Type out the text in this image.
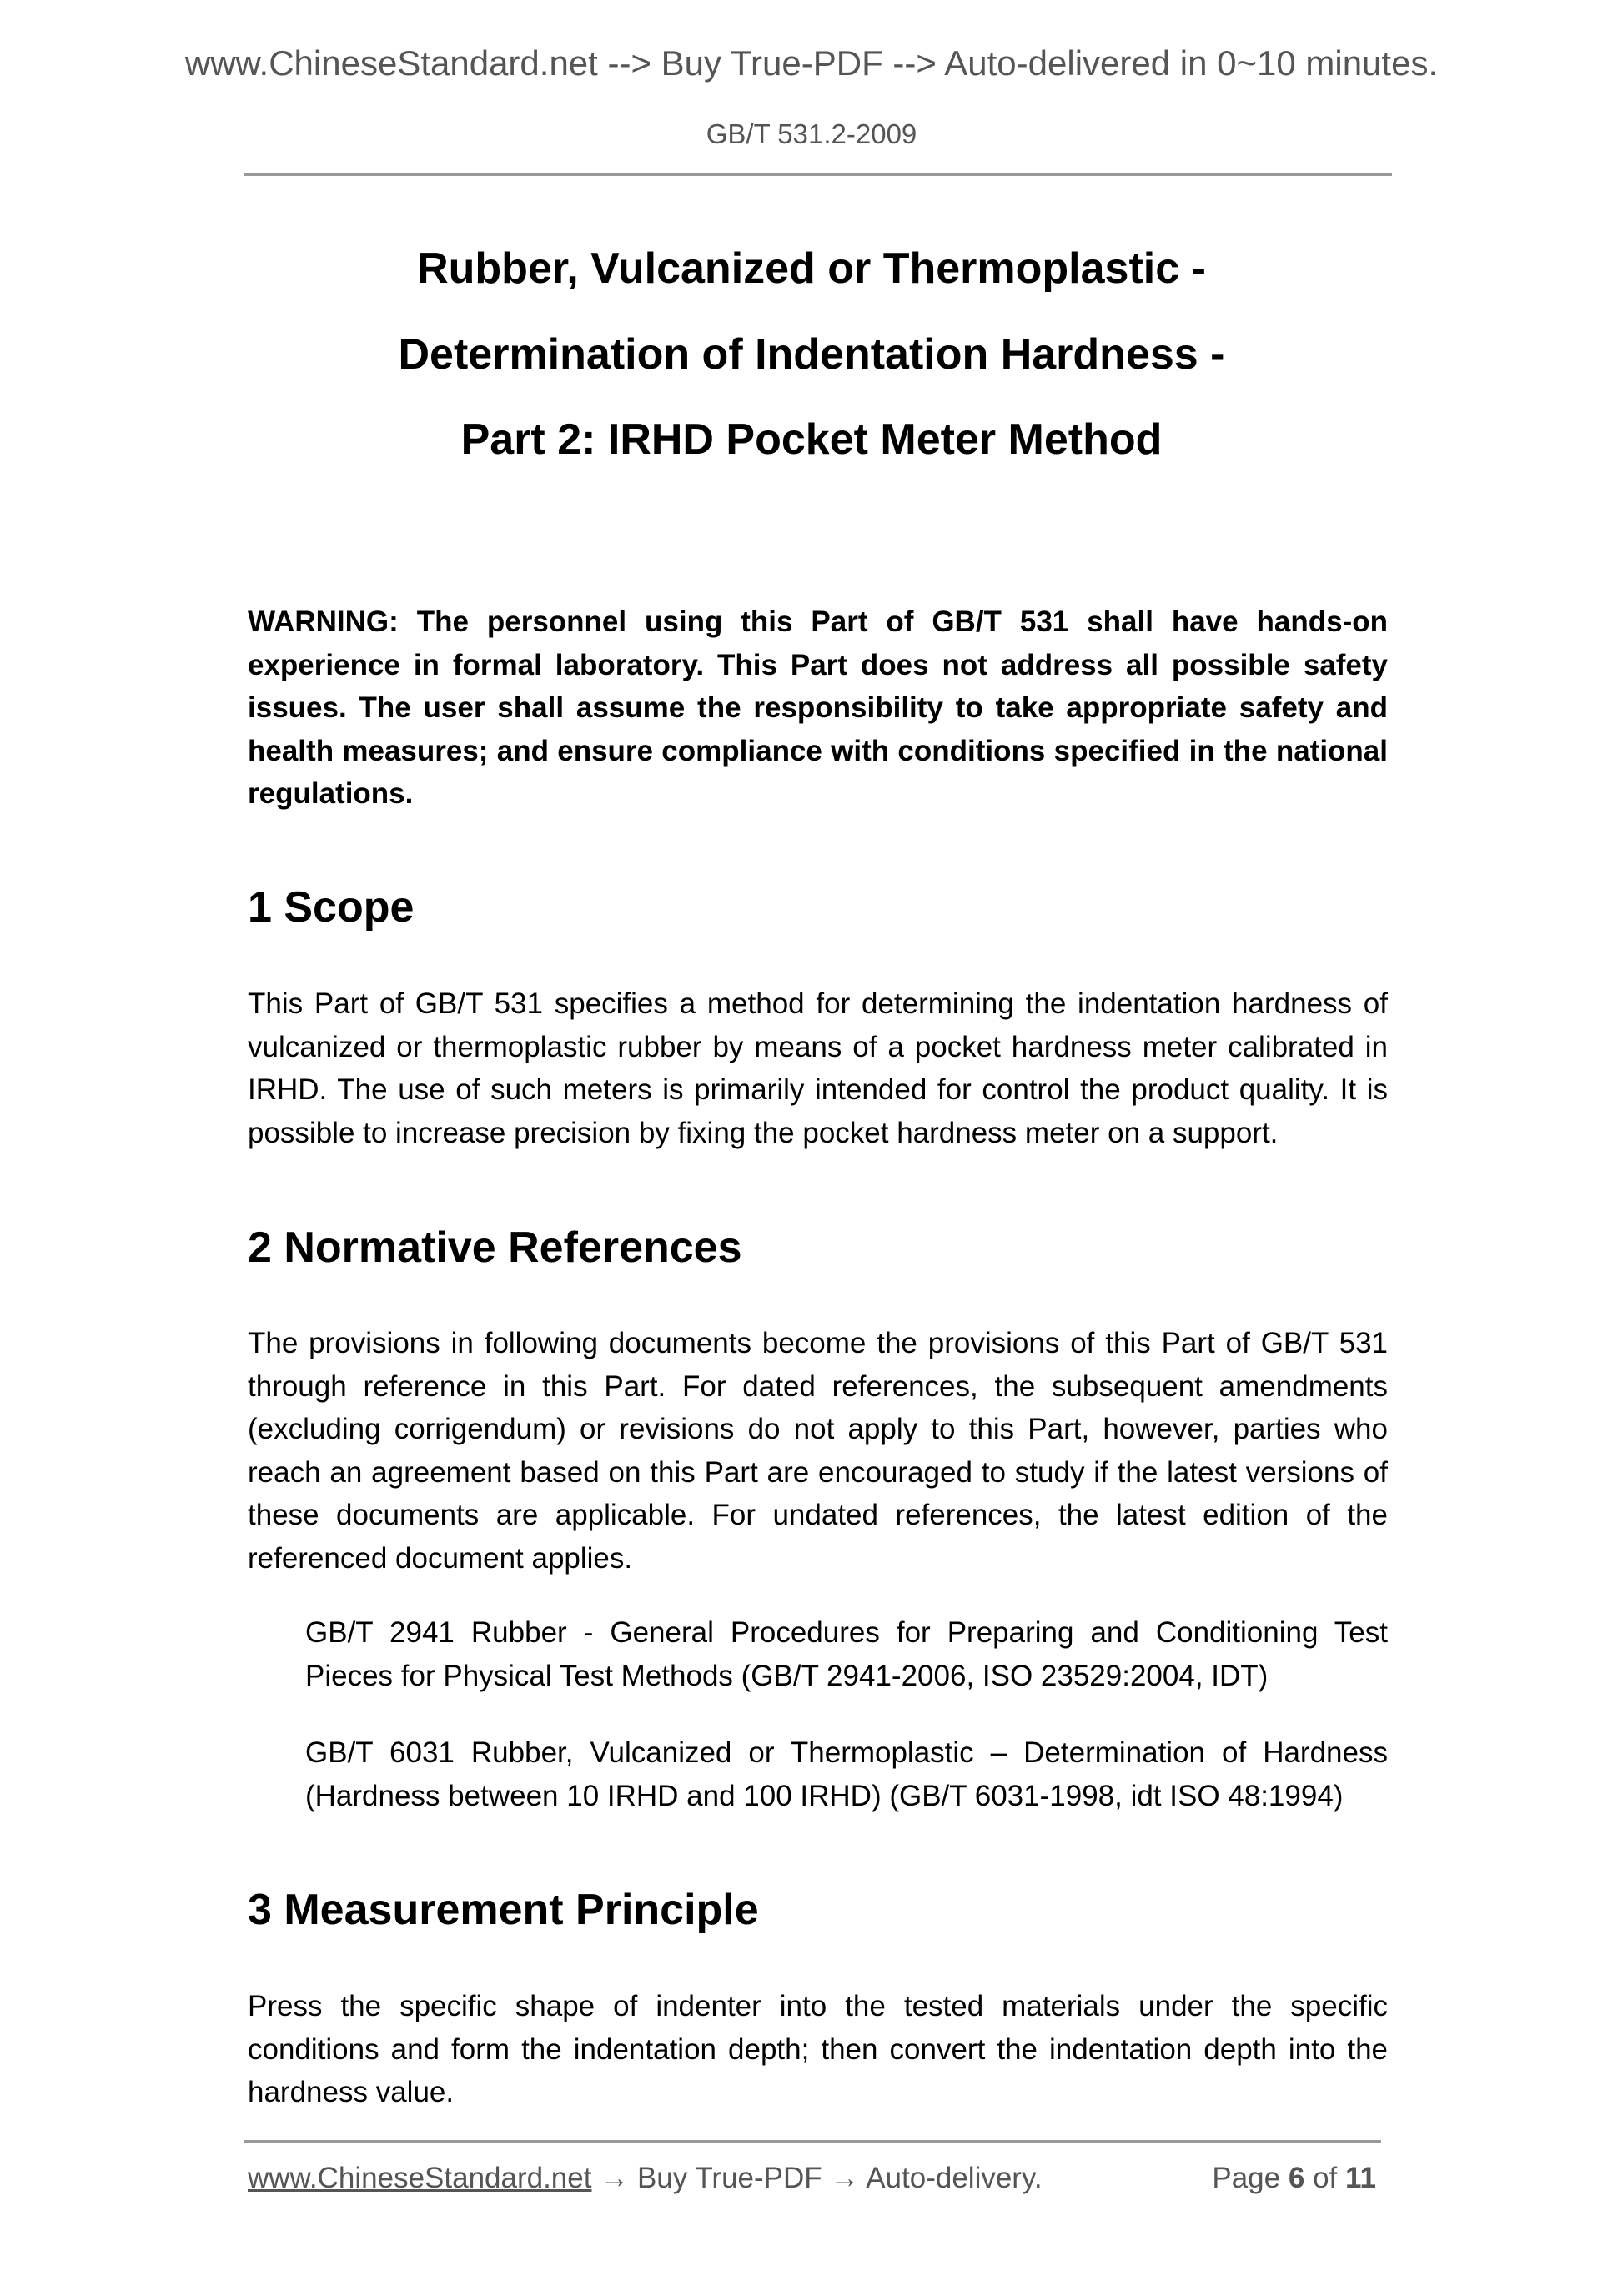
www.ChineseStandard.net --> Buy True-PDF --> Auto-delivered in 0~10 minutes.
GB/T 531.2-2009
Rubber, Vulcanized or Thermoplastic -
Determination of Indentation Hardness -
Part 2: IRHD Pocket Meter Method
WARNING: The personnel using this Part of GB/T 531 shall have hands-on experience in formal laboratory. This Part does not address all possible safety issues. The user shall assume the responsibility to take appropriate safety and health measures; and ensure compliance with conditions specified in the national regulations.
1 Scope
This Part of GB/T 531 specifies a method for determining the indentation hardness of vulcanized or thermoplastic rubber by means of a pocket hardness meter calibrated in IRHD. The use of such meters is primarily intended for control the product quality. It is possible to increase precision by fixing the pocket hardness meter on a support.
2 Normative References
The provisions in following documents become the provisions of this Part of GB/T 531 through reference in this Part. For dated references, the subsequent amendments (excluding corrigendum) or revisions do not apply to this Part, however, parties who reach an agreement based on this Part are encouraged to study if the latest versions of these documents are applicable. For undated references, the latest edition of the referenced document applies.
GB/T 2941 Rubber - General Procedures for Preparing and Conditioning Test Pieces for Physical Test Methods (GB/T 2941-2006, ISO 23529:2004, IDT)
GB/T 6031 Rubber, Vulcanized or Thermoplastic – Determination of Hardness (Hardness between 10 IRHD and 100 IRHD) (GB/T 6031-1998, idt ISO 48:1994)
3 Measurement Principle
Press the specific shape of indenter into the tested materials under the specific conditions and form the indentation depth; then convert the indentation depth into the hardness value.
www.ChineseStandard.net → Buy True-PDF → Auto-delivery.	Page 6 of 11
